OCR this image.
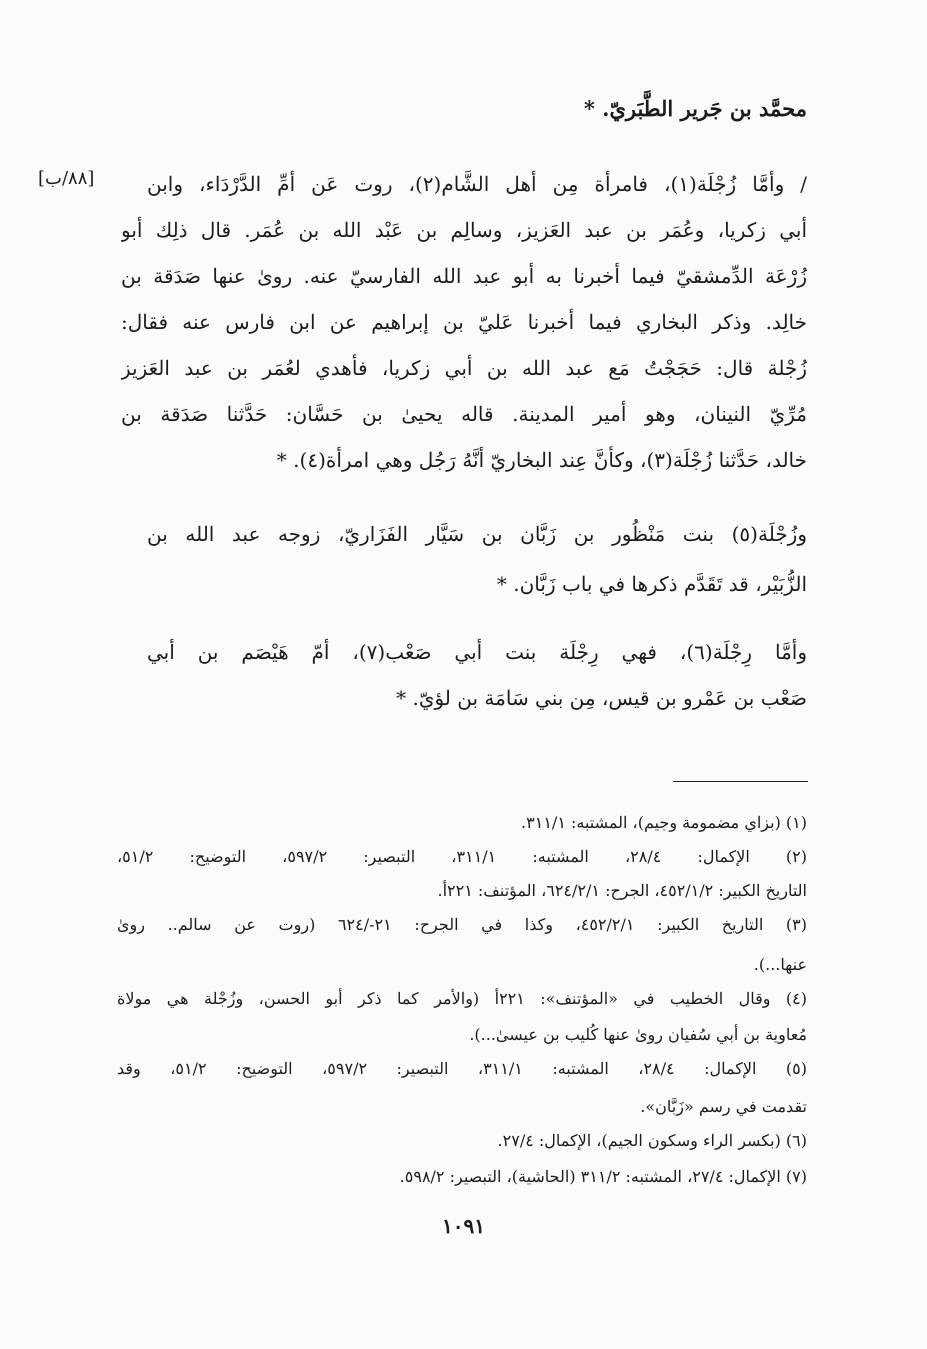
محمَّد بن جَرير الطَّبَريّ. *
[٨٨/ب]	/ وأمَّا زُجْلَة(١)، فامرأة مِن أهل الشَّام(٢)، روت عَن أمِّ الدَّرْدَاء، وابن
أبي زكريا، وعُمَر بن عبد العَزيز، وسالِم بن عَبْد الله بن عُمَر. قال ذلِك أبو
زُرْعَة الدِّمشقيّ فيما أخبرنا به أبو عبد الله الفارسيّ عنه. روىٰ عنها صَدَقة بن
خالِد. وذكر البخاري فيما أخبرنا عَليّ بن إبراهيم عن ابن فارس عنه فقال:
زُجْلة قال: حَجَجْتُ مَع عبد الله بن أبي زكريا، فأهدي لعُمَر بن عبد العَزيز
مُرِّيّ النينان، وهو أمير المدينة. قاله يحيىٰ بن حَسَّان: حَدَّثنا صَدَقة بن
خالد، حَدَّثنا زُجْلَة(٣)، وكأنَّ عِند البخاريّ أنَّهُ رَجُل وهي امرأة(٤). *
وزُجْلَة(٥) بنت مَنْظُور بن زَبَّان بن سَيَّار الفَزَاريّ، زوجه عبد الله بن
الزُّبَيْر، قد تَقَدَّم ذكرها في باب زَبَّان. *
وأمَّا رِجْلَة(٦)، فهي رِجْلَة بنت أبي صَعْب(٧)، أمّ هَيْصَم بن أبي
صَعْب بن عَمْرو بن قيس، مِن بني سَامَة بن لؤيّ. *
(١) (بزاي مضمومة وجيم)، المشتبه: ٣١١/١.
(٢) الإكمال: ٢٨/٤، المشتبه: ٣١١/١، التبصير: ٥٩٧/٢، التوضيح: ٥١/٢،
التاريخ الكبير: ٤٥٢/١/٢، الجرح: ٦٢٤/٢/١، المؤتنف: ٢٢١أ.
(٣) التاريخ الكبير: ٤٥٢/٢/١، وكذا في الجرح: ٢١-/٦٢٤ (روت عن سالم.. روىٰ
عنها...).
(٤) وقال الخطيب في «المؤتنف»: ٢٢١أ (والأمر كما ذكر أبو الحسن، وزُجْلة هي مولاة
مُعاوية بن أبي سُفيان روىٰ عنها كُليب بن عيسىٰ...).
(٥) الإكمال: ٢٨/٤، المشتبه: ٣١١/١، التبصير: ٥٩٧/٢، التوضيح: ٥١/٢، وقد
تقدمت في رسم «زَبَّان».
(٦) (بكسر الراء وسكون الجيم)، الإكمال: ٢٧/٤.
(٧) الإكمال: ٢٧/٤، المشتبه: ٣١١/٢ (الحاشية)، التبصير: ٥٩٨/٢.
١٠٩١
